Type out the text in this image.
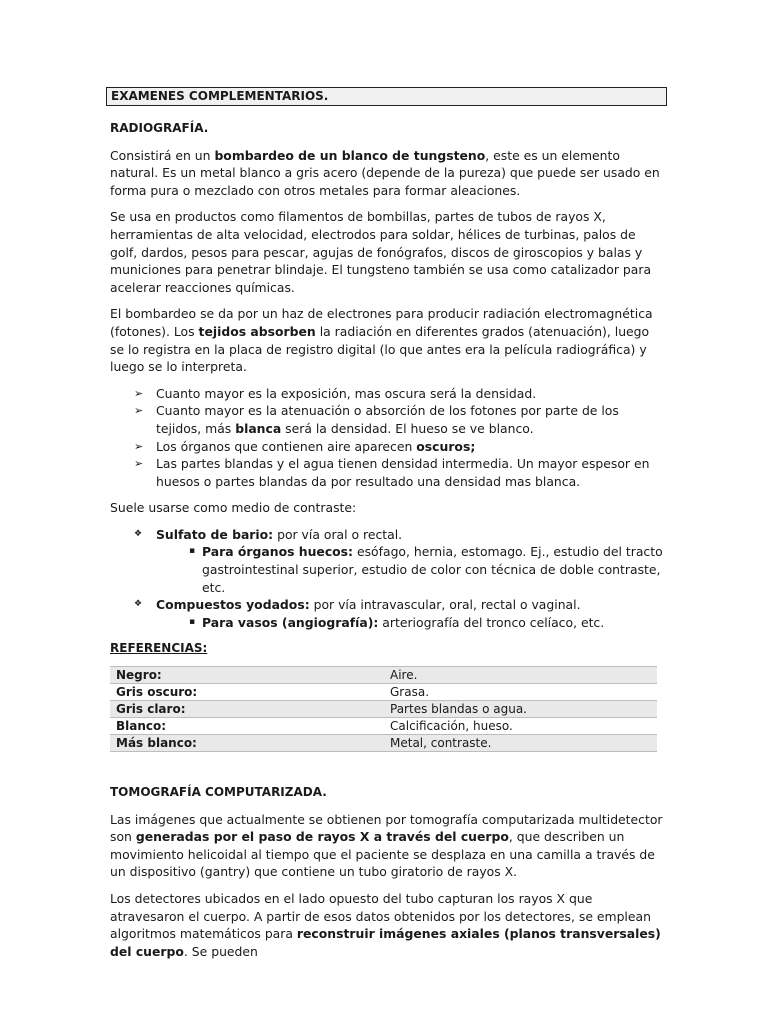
EXAMENES COMPLEMENTARIOS.
RADIOGRAFÍA.

Consistirá en un bombardeo de un blanco de tungsteno, este es un elemento natural. Es un metal blanco a gris acero (depende de la pureza) que puede ser usado en forma pura o mezclado con otros metales para formar aleaciones.

Se usa en productos como filamentos de bombillas, partes de tubos de rayos X, herramientas de alta velocidad, electrodos para soldar, hélices de turbinas, palos de golf, dardos, pesos para pescar, agujas de fonógrafos, discos de giroscopios y balas y municiones para penetrar blindaje. El tungsteno también se usa como catalizador para acelerar reacciones químicas.

El bombardeo se da por un haz de electrones para producir radiación electromagnética (fotones). Los tejidos absorben la radiación en diferentes grados (atenuación), luego se lo registra en la placa de registro digital (lo que antes era la película radiográfica) y luego se lo interpreta.

➢ Cuanto mayor es la exposición, mas oscura será la densidad.
➢ Cuanto mayor es la atenuación o absorción de los fotones por parte de los tejidos, más blanca será la densidad. El hueso se ve blanco.
➢ Los órganos que contienen aire aparecen oscuros;
➢ Las partes blandas y el agua tienen densidad intermedia. Un mayor espesor en huesos o partes blandas da por resultado una densidad mas blanca.

Suele usarse como medio de contraste:

❖ Sulfato de bario: por vía oral o rectal.
▪ Para órganos huecos: esófago, hernia, estomago. Ej., estudio del tracto gastrointestinal superior, estudio de color con técnica de doble contraste, etc.
❖ Compuestos yodados: por vía intravascular, oral, rectal o vaginal.
▪ Para vasos (angiografía): arteriografía del tronco celíaco, etc.
REFERENCIAS:
Negro:	Aire.
Gris oscuro:	Grasa.
Gris claro:	Partes blandas o agua.
Blanco:	Calcificación, hueso.
Más blanco:	Metal, contraste.
TOMOGRAFÍA COMPUTARIZADA.

Las imágenes que actualmente se obtienen por tomografía computarizada multidetector son generadas por el paso de rayos X a través del cuerpo, que describen un movimiento helicoidal al tiempo que el paciente se desplaza en una camilla a través de un dispositivo (gantry) que contiene un tubo giratorio de rayos X.

Los detectores ubicados en el lado opuesto del tubo capturan los rayos X que atravesaron el cuerpo. A partir de esos datos obtenidos por los detectores, se emplean algoritmos matemáticos para reconstruir imágenes axiales (planos transversales) del cuerpo. Se pueden
